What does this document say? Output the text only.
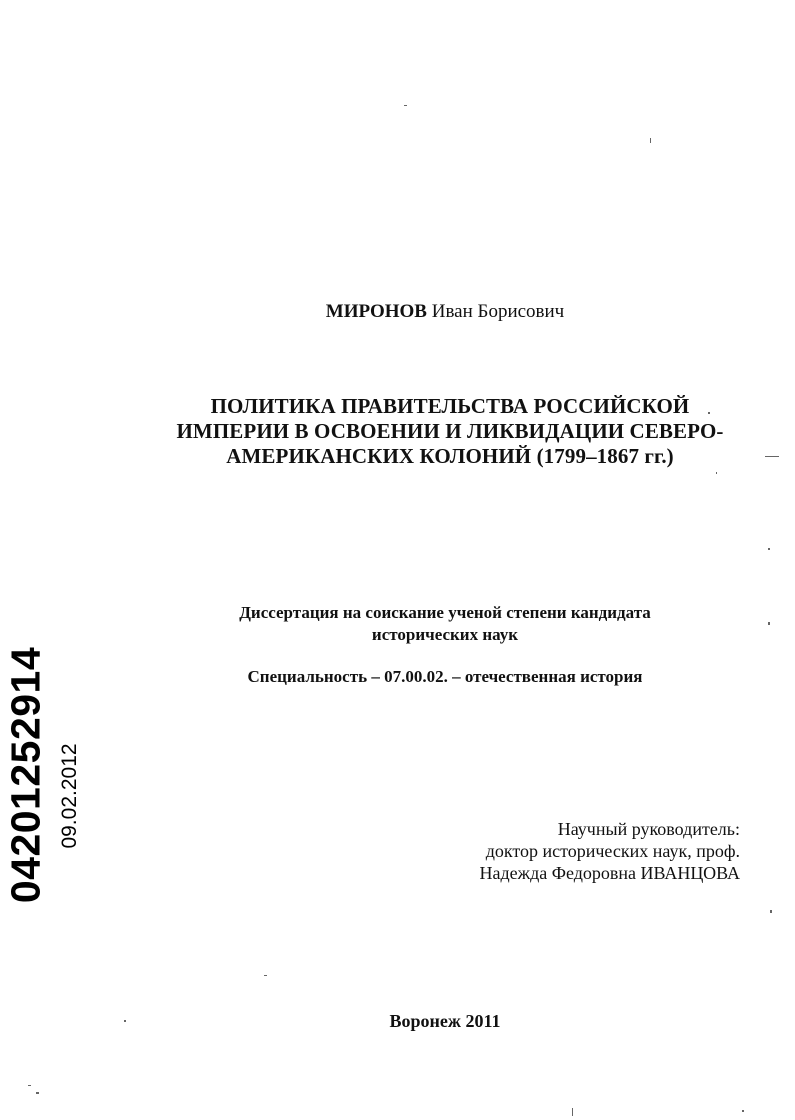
МИРОНОВ Иван Борисович
ПОЛИТИКА ПРАВИТЕЛЬСТВА РОССИЙСКОЙ
ИМПЕРИИ В ОСВОЕНИИ И ЛИКВИДАЦИИ СЕВЕРО-
АМЕРИКАНСКИХ КОЛОНИЙ (1799–1867 гг.)
Диссертация на соискание ученой степени кандидата
исторических наук
Специальность – 07.00.02. – отечественная история
Научный руководитель:
доктор исторических наук, проф.
Надежда Федоровна ИВАНЦОВА
Воронеж 2011
04201252914 09.02.2012
